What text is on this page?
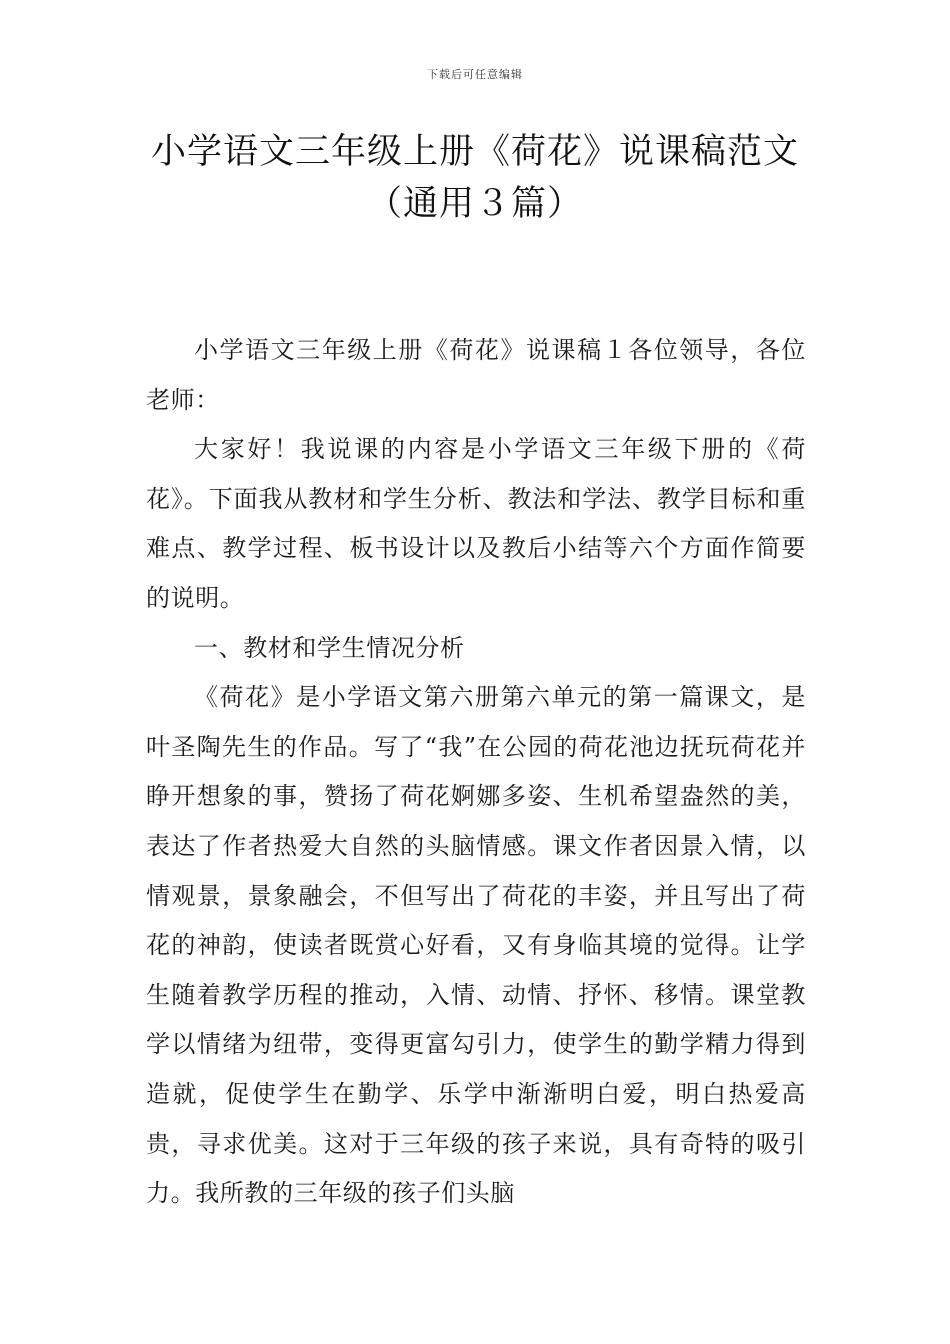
下载后可任意编辑
小学语文三年级上册《荷花》说课稿范文
（通用３篇）

小学语文三年级上册《荷花》说课稿１各位领导，各位老师：

大家好！我说课的内容是小学语文三年级下册的《荷花》。下面我从教材和学生分析、教法和学法、教学目标和重难点、教学过程、板书设计以及教后小结等六个方面作简要的说明。

一、教材和学生情况分析

《荷花》是小学语文第六册第六单元的第一篇课文，是叶圣陶先生的作品。写了“我”在公园的荷花池边抚玩荷花并睁开想象的事，赞扬了荷花婀娜多姿、生机希望盎然的美，表达了作者热爱大自然的头脑情感。课文作者因景入情，以情观景，景象融会，不但写出了荷花的丰姿，并且写出了荷花的神韵，使读者既赏心好看，又有身临其境的觉得。让学生随着教学历程的推动，入情、动情、抒怀、移情。课堂教学以情绪为纽带，变得更富勾引力，使学生的勤学精力得到造就，促使学生在勤学、乐学中渐渐明白爱，明白热爱高贵，寻求优美。这对于三年级的孩子来说，具有奇特的吸引力。我所教的三年级的孩子们头脑
